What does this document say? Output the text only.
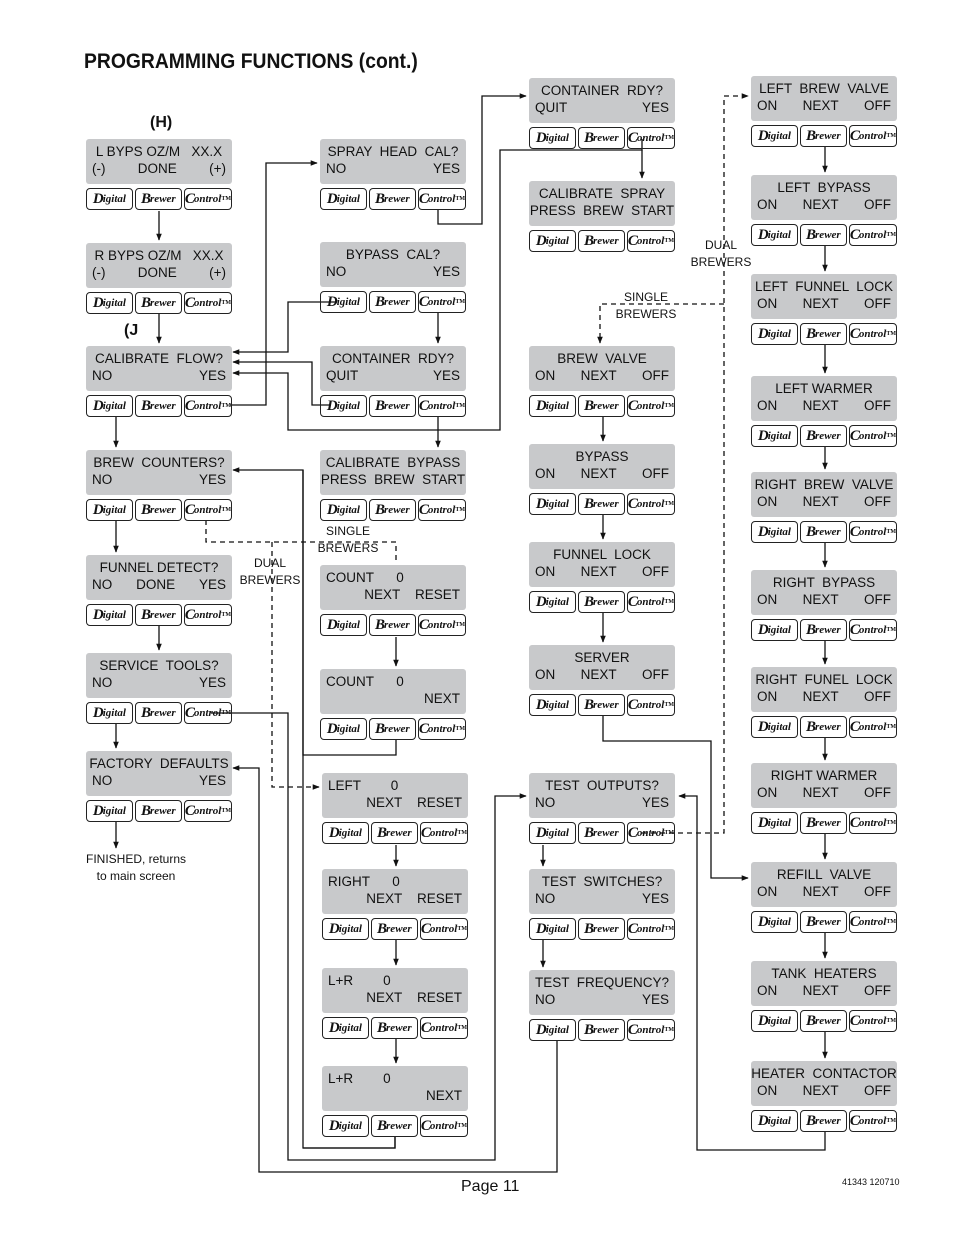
PROGRAMMING FUNCTIONS (cont.)
L BYPS OZ/M   XX.X
(-) DONE (+)
D igital B rewer C ontrol TM
R BYPS OZ/M   XX.X
(-) DONE (+)
D igital B rewer C ontrol TM
CALIBRATE  FLOW?
NO	YES
D igital B rewer C ontrol TM
BREW  COUNTERS?
NO	YES
D igital B rewer C ontrol TM
FUNNEL DETECT?
NO DONE YES
D igital B rewer C ontrol TM
SERVICE  TOOLS?
NO	YES
D igital B rewer C ontrol TM
FACTORY  DEFAULTS
NO	YES
D igital B rewer C ontrol TM
SPRAY  HEAD  CAL?
NO	YES
D igital B rewer C ontrol TM
BYPASS  CAL?
NO	YES
D igital B rewer C ontrol TM
CONTAINER  RDY?
QUIT	YES
D igital B rewer C ontrol TM
CALIBRATE  BYPASS
PRESS  BREW  START
D igital B rewer C ontrol TM
COUNT      0
NEXT    RESET
D igital B rewer C ontrol TM
COUNT      0
NEXT
D igital B rewer C ontrol TM
LEFT        0
NEXT    RESET
D igital B rewer C ontrol TM
RIGHT      0
NEXT    RESET
D igital B rewer C ontrol TM
L+R        0
NEXT    RESET
D igital B rewer C ontrol TM
L+R        0
NEXT
D igital B rewer C ontrol TM
CONTAINER  RDY?
QUIT	YES
D igital B rewer C ontrol TM
CALIBRATE  SPRAY
PRESS  BREW  START
D igital B rewer C ontrol TM
BREW  VALVE
ON NEXT OFF
D igital B rewer C ontrol TM
BYPASS
ON NEXT OFF
D igital B rewer C ontrol TM
FUNNEL  LOCK
ON NEXT OFF
D igital B rewer C ontrol TM
SERVER
ON NEXT OFF
D igital B rewer C ontrol TM
TEST  OUTPUTS?
NO	YES
D igital B rewer C ontrol TM
TEST  SWITCHES?
NO	YES
D igital B rewer C ontrol TM
TEST  FREQUENCY?
NO	YES
D igital B rewer C ontrol TM
LEFT  BREW  VALVE
ON NEXT OFF
D igital B rewer C ontrol TM
LEFT  BYPASS
ON NEXT OFF
D igital B rewer C ontrol TM
LEFT  FUNNEL  LOCK
ON NEXT OFF
D igital B rewer C ontrol TM
LEFT WARMER
ON NEXT OFF
D igital B rewer C ontrol TM
RIGHT  BREW  VALVE
ON NEXT OFF
D igital B rewer C ontrol TM
RIGHT  BYPASS
ON NEXT OFF
D igital B rewer C ontrol TM
RIGHT  FUNEL  LOCK
ON NEXT OFF
D igital B rewer C ontrol TM
RIGHT WARMER
ON NEXT OFF
D igital B rewer C ontrol TM
REFILL  VALVE
ON NEXT OFF
D igital B rewer C ontrol TM
TANK  HEATERS
ON NEXT OFF
D igital B rewer C ontrol TM
HEATER  CONTACTOR
ON NEXT OFF
D igital B rewer C ontrol TM
(H)
(J
FINISHED, returns
to main screen
DUAL
BREWERS
SINGLE
BREWERS
SINGLE
BREWERS
DUAL
BREWERS
Page 11	41343 120710
